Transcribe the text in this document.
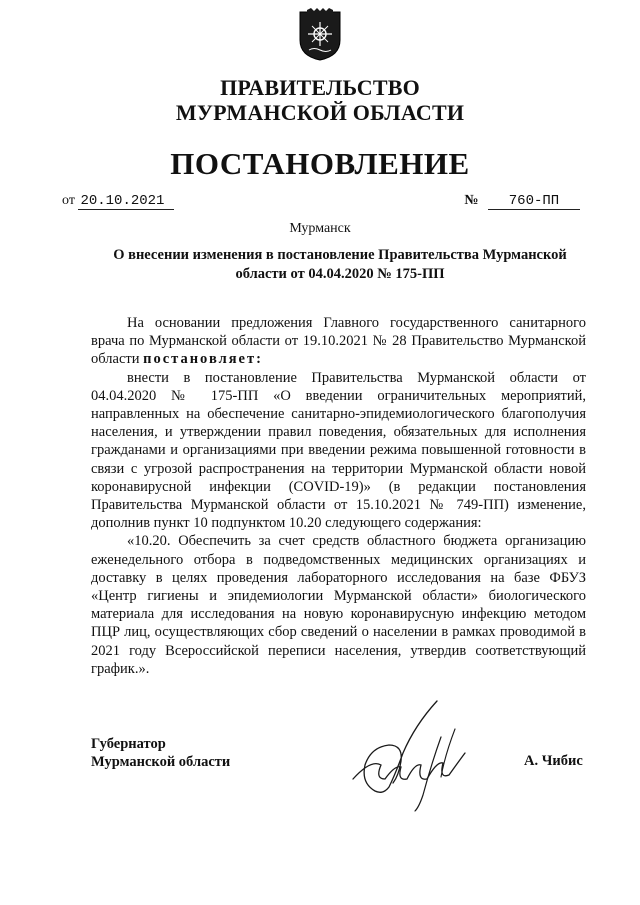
ПРАВИТЕЛЬСТВО
МУРМАНСКОЙ ОБЛАСТИ
ПОСТАНОВЛЕНИЕ
от 20.10.2021	№ 760-ПП
Мурманск
О внесении изменения в постановление Правительства Мурманской области от 04.04.2020 № 175-ПП

На основании предложения Главного государственного санитарного врача по Мурманской области от 19.10.2021 № 28 Правительство Мурманской области постановляет:

внести в постановление Правительства Мурманской области от 04.04.2020 № 175-ПП «О введении ограничительных мероприятий, направленных на обеспечение санитарно-эпидемиологического благополучия населения, и утверждении правил поведения, обязательных для исполнения гражданами и организациями при введении режима повышенной готовности в связи с угрозой распространения на территории Мурманской области новой коронавирусной инфекции (COVID-19)» (в редакции постановления Правительства Мурманской области от 15.10.2021 № 749-ПП) изменение, дополнив пункт 10 подпунктом 10.20 следующего содержания:

«10.20. Обеспечить за счет средств областного бюджета организацию еженедельного отбора в подведомственных медицинских организациях и доставку в целях проведения лабораторного исследования на базе ФБУЗ «Центр гигиены и эпидемиологии Мурманской области» биологического материала для исследования на новую коронавирусную инфекцию методом ПЦР лиц, осуществляющих сбор сведений о населении в рамках проводимой в 2021 году Всероссийской переписи населения, утвердив соответствующий график.».

Губернатор
Мурманской области	А. Чибис
